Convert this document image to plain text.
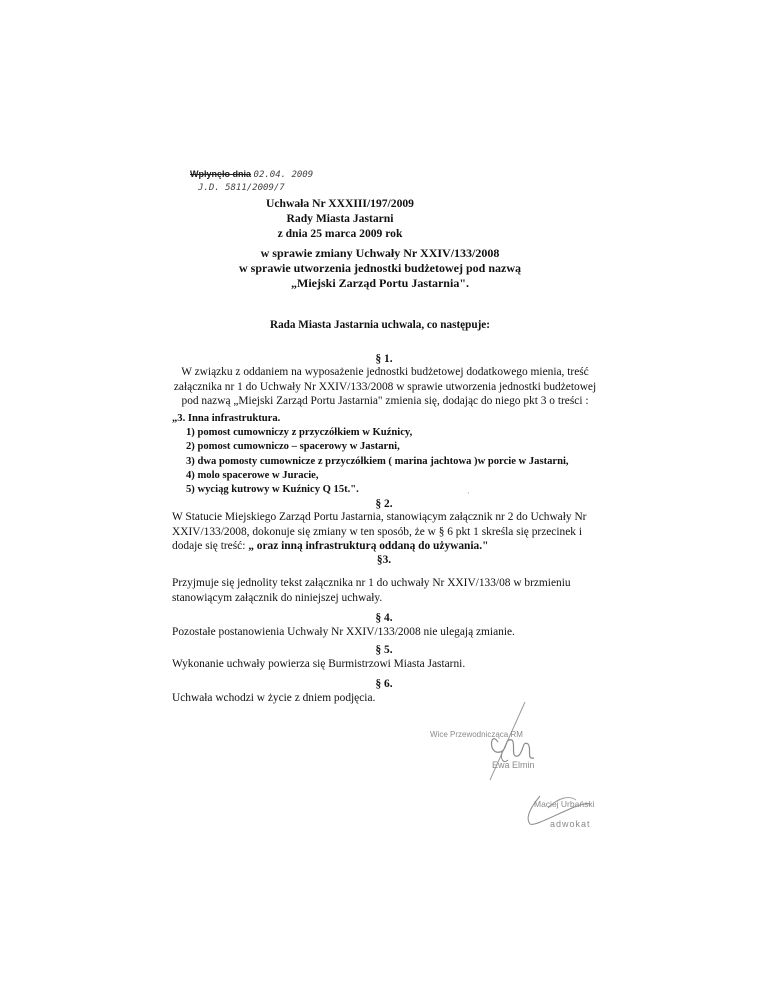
Wpłynęło dnia 02.04. 2009
J.D. 5811/2009/7
Uchwała Nr XXXIII/197/2009
Rady Miasta Jastarni
z dnia 25 marca 2009 rok
w sprawie zmiany Uchwały Nr XXIV/133/2008
w sprawie utworzenia jednostki budżetowej pod nazwą
„Miejski Zarząd Portu Jastarnia".
Rada Miasta Jastarnia uchwala, co następuje:
§ 1.
W związku z oddaniem na wyposażenie jednostki budżetowej dodatkowego mienia, treść
załącznika nr 1 do Uchwały Nr XXIV/133/2008 w sprawie utworzenia jednostki budżetowej
pod nazwą „Miejski Zarząd Portu Jastarnia" zmienia się, dodając do niego pkt 3 o treści :
„3. Inna infrastruktura.
1) pomost cumowniczy z przyczółkiem w Kuźnicy,
2) pomost cumowniczo – spacerowy w Jastarni,
3) dwa pomosty cumownicze z przyczółkiem ( marina jachtowa )w porcie w Jastarni,
4) molo spacerowe w Juracie,
5) wyciąg kutrowy w Kuźnicy Q 15t.".	·
§ 2.
W Statucie Miejskiego Zarząd Portu Jastarnia, stanowiącym załącznik nr 2 do Uchwały Nr
XXIV/133/2008, dokonuje się zmiany w ten sposób, że w § 6 pkt 1 skreśla się przecinek i
dodaje się treść: „ oraz inną infrastrukturą oddaną do używania."
§3.
Przyjmuje się jednolity tekst załącznika nr 1 do uchwały Nr XXIV/133/08 w brzmieniu
stanowiącym załącznik do niniejszej uchwały.
§ 4.
Pozostałe postanowienia Uchwały Nr XXIV/133/2008 nie ulegają zmianie.
§ 5.
Wykonanie uchwały powierza się Burmistrzowi Miasta Jastarni.
§ 6.
Uchwała wchodzi w życie z dniem podjęcia.
Wice Przewodnicząca RM
Ewa Elmin
Maciej Urbański
adwokat
